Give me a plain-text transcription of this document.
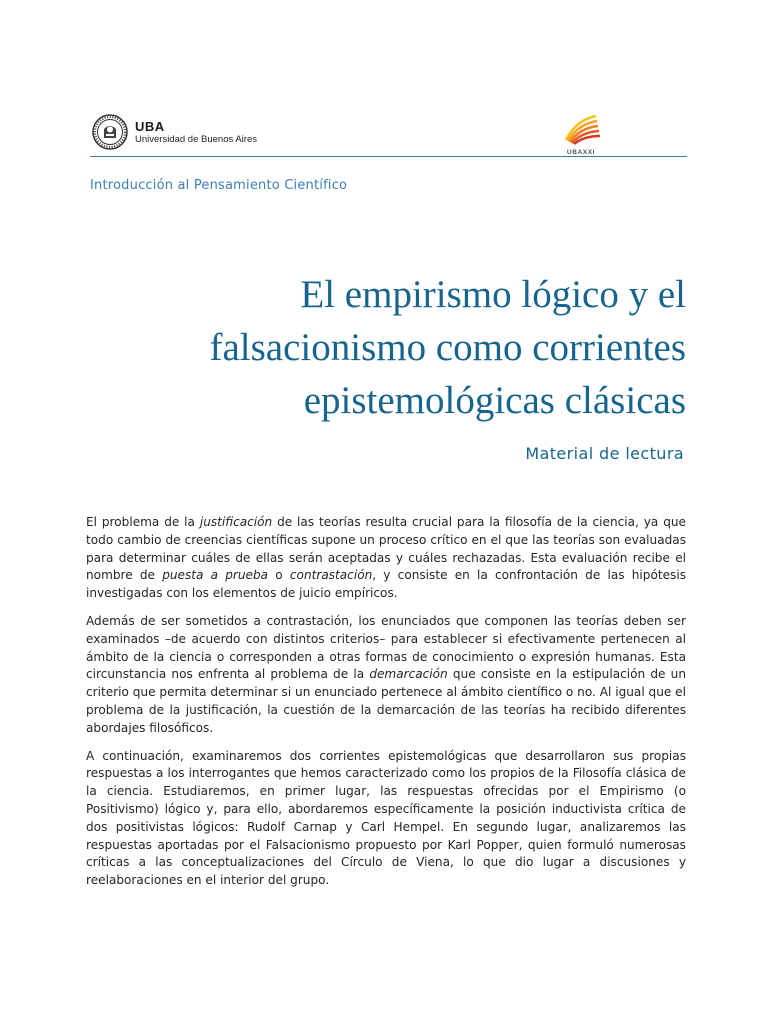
UBA
Universidad de Buenos Aires
UBAXXI
Introducción al Pensamiento Científico
El empirismo lógico y el
falsacionismo como corrientes
epistemológicas clásicas
Material de lectura

El problema de la justificación de las teorías resulta crucial para la filosofía de la ciencia, ya que todo cambio de creencias científicas supone un proceso crítico en el que las teorías son evaluadas para determinar cuáles de ellas serán aceptadas y cuáles rechazadas. Esta evaluación recibe el nombre de puesta a prueba o contrastación, y consiste en la confrontación de las hipótesis investigadas con los elementos de juicio empíricos.

Además de ser sometidos a contrastación, los enunciados que componen las teorías deben ser examinados –de acuerdo con distintos criterios– para establecer si efectivamente pertenecen al ámbito de la ciencia o corresponden a otras formas de conocimiento o expresión humanas. Esta circunstancia nos enfrenta al problema de la demarcación que consiste en la estipulación de un criterio que permita determinar si un enunciado pertenece al ámbito científico o no. Al igual que el problema de la justificación, la cuestión de la demarcación de las teorías ha recibido diferentes abordajes filosóficos.

A continuación, examinaremos dos corrientes epistemológicas que desarrollaron sus propias respuestas a los interrogantes que hemos caracterizado como los propios de la Filosofía clásica de la ciencia. Estudiaremos, en primer lugar, las respuestas ofrecidas por el Empirismo (o Positivismo) lógico y, para ello, abordaremos específicamente la posición inductivista crítica de dos positivistas lógicos: Rudolf Carnap y Carl Hempel. En segundo lugar, analizaremos las respuestas aportadas por el Falsacionismo propuesto por Karl Popper, quien formuló numerosas críticas a las conceptualizaciones del Círculo de Viena, lo que dio lugar a discusiones y reelaboraciones en el interior del grupo.
